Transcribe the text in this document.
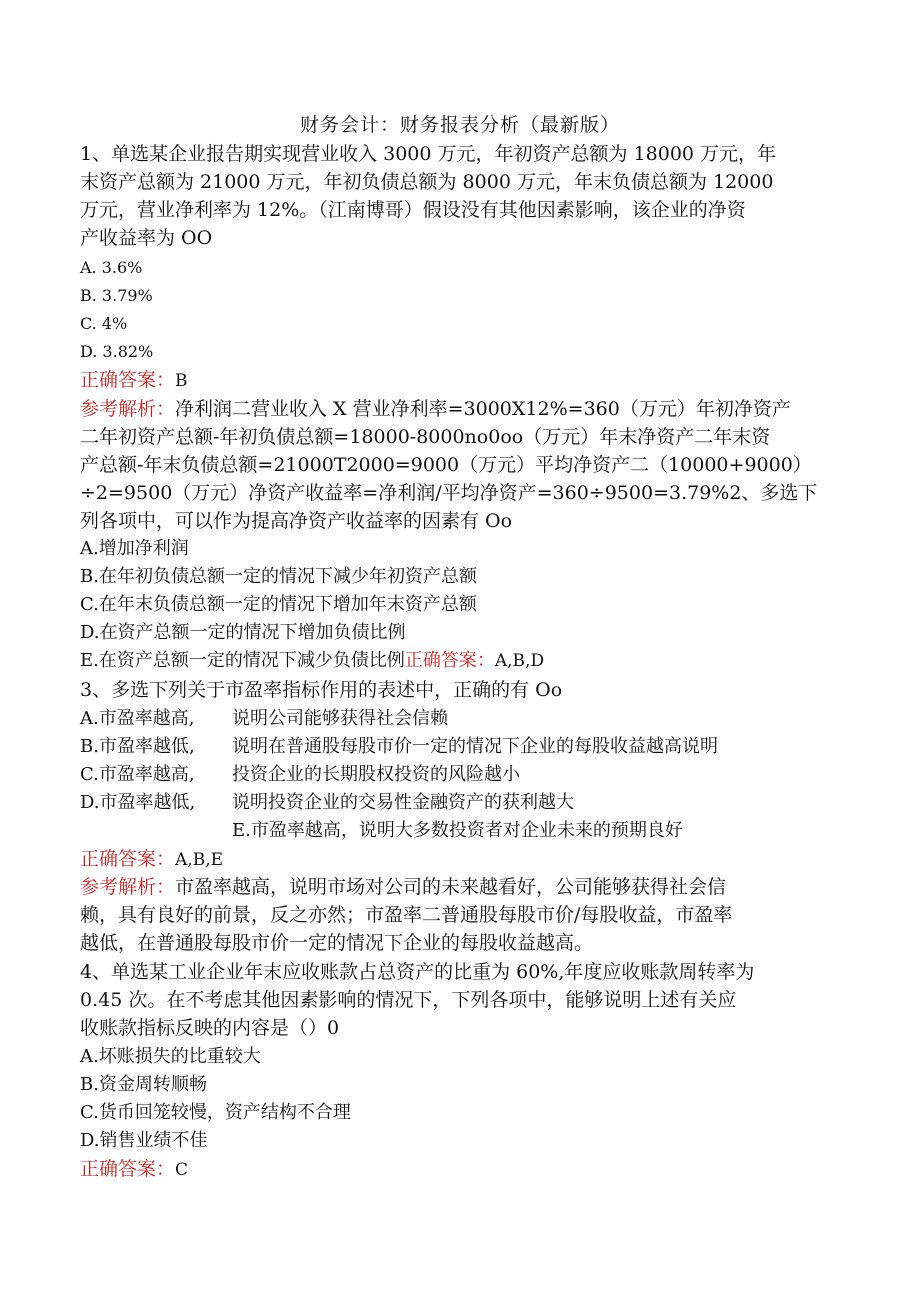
财务会计：财务报表分析（最新版）
1、单选某企业报告期实现营业收入 3000 万元，年初资产总额为 18000 万元，年
末资产总额为 21000 万元，年初负债总额为 8000 万元，年末负债总额为 12000
万元，营业净利率为 12%。（江南博哥）假设没有其他因素影响，该企业的净资
产收益率为 OO
A. 3.6%
B. 3.79%
C. 4%
D. 3.82%
正确答案：B
参考解析：净利润二营业收入 X 营业净利率=3000X12%=360（万元）年初净资产
二年初资产总额-年初负债总额=18000-8000no0oo（万元）年末净资产二年末资
产总额-年末负债总额=21000T2000=9000（万元）平均净资产二（10000+9000）
÷2=9500（万元）净资产收益率=净利润/平均净资产=360÷9500=3.79%2、多选下
列各项中，可以作为提高净资产收益率的因素有 Oo
A.增加净利润
B.在年初负债总额一定的情况下减少年初资产总额
C.在年末负债总额一定的情况下增加年末资产总额
D.在资产总额一定的情况下增加负债比例
E.在资产总额一定的情况下减少负债比例正确答案：A,B,D
3、多选下列关于市盈率指标作用的表述中，正确的有 Oo
A.市盈率越高, 说明公司能够获得社会信赖
B.市盈率越低, 说明在普通股每股市价一定的情况下企业的每股收益越高说明
C.市盈率越高, 投资企业的长期股权投资的风险越小
D.市盈率越低, 说明投资企业的交易性金融资产的获利越大
E.市盈率越高，说明大多数投资者对企业未来的预期良好
正确答案：A,B,E
参考解析：市盈率越高，说明市场对公司的未来越看好，公司能够获得社会信
赖，具有良好的前景，反之亦然；市盈率二普通股每股市价/每股收益，市盈率
越低，在普通股每股市价一定的情况下企业的每股收益越高。
4、单选某工业企业年末应收账款占总资产的比重为 60%,年度应收账款周转率为
0.45 次。在不考虑其他因素影响的情况下，下列各项中，能够说明上述有关应
收账款指标反映的内容是（）0
A.坏账损失的比重较大
B.资金周转顺畅
C.货币回笼较慢，资产结构不合理
D.销售业绩不佳
正确答案：C
